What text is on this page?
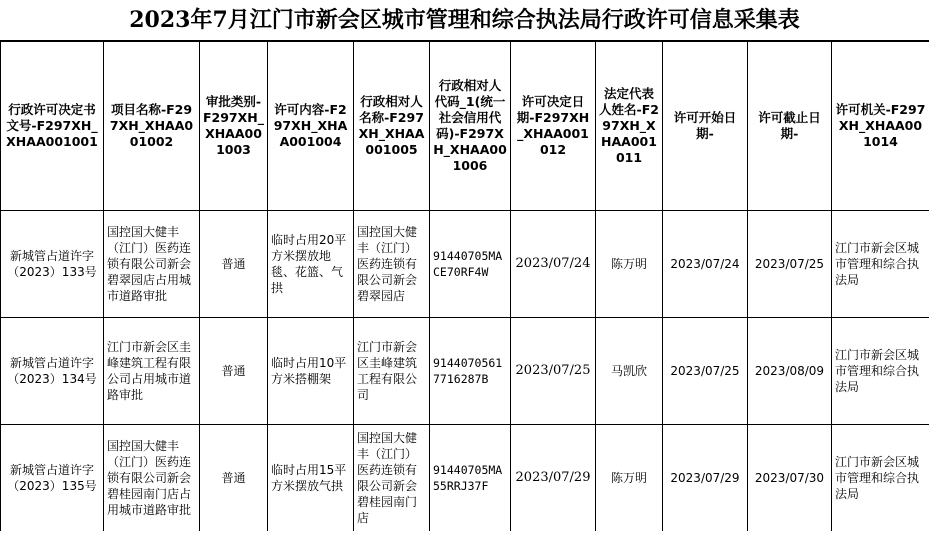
2023年7月江门市新会区城市管理和综合执法局行政许可信息采集表
行政许可决定书文号-F297XH_XHAA001001	项目名称-F297XH_XHAA001002	审批类别-F297XH_XHAA001003	许可内容-F297XH_XHAA001004	行政相对人名称-F297XH_XHAA001005	行政相对人代码_1(统一社会信用代码)-F297XH_XHAA001006	许可决定日期-F297XH_XHAA001012	法定代表人姓名-F297XH_XHAA001011	许可开始日期-	许可截止日期-	许可机关-F297XH_XHAA001014
新城管占道许字（2023）133号	国控国大健丰（江门）医药连锁有限公司新会碧翠园店占用城市道路审批	普通	临时占用20平方米摆放地毯、花篮、气拱	国控国大健丰（江门）医药连锁有限公司新会碧翠园店	91440705MACE70RF4W	2023/07/24	陈万明	2023/07/24	2023/07/25	江门市新会区城市管理和综合执法局
新城管占道许字（2023）134号	江门市新会区圭峰建筑工程有限公司占用城市道路审批	普通	临时占用10平方米搭棚架	江门市新会区圭峰建筑工程有限公司	91440705617716287B	2023/07/25	马凯欣	2023/07/25	2023/08/09	江门市新会区城市管理和综合执法局
新城管占道许字（2023）135号	国控国大健丰（江门）医药连锁有限公司新会碧桂园南门店占用城市道路审批	普通	临时占用15平方米摆放气拱	国控国大健丰（江门）医药连锁有限公司新会碧桂园南门店	91440705MA55RRJ37F	2023/07/29	陈万明	2023/07/29	2023/07/30	江门市新会区城市管理和综合执法局
